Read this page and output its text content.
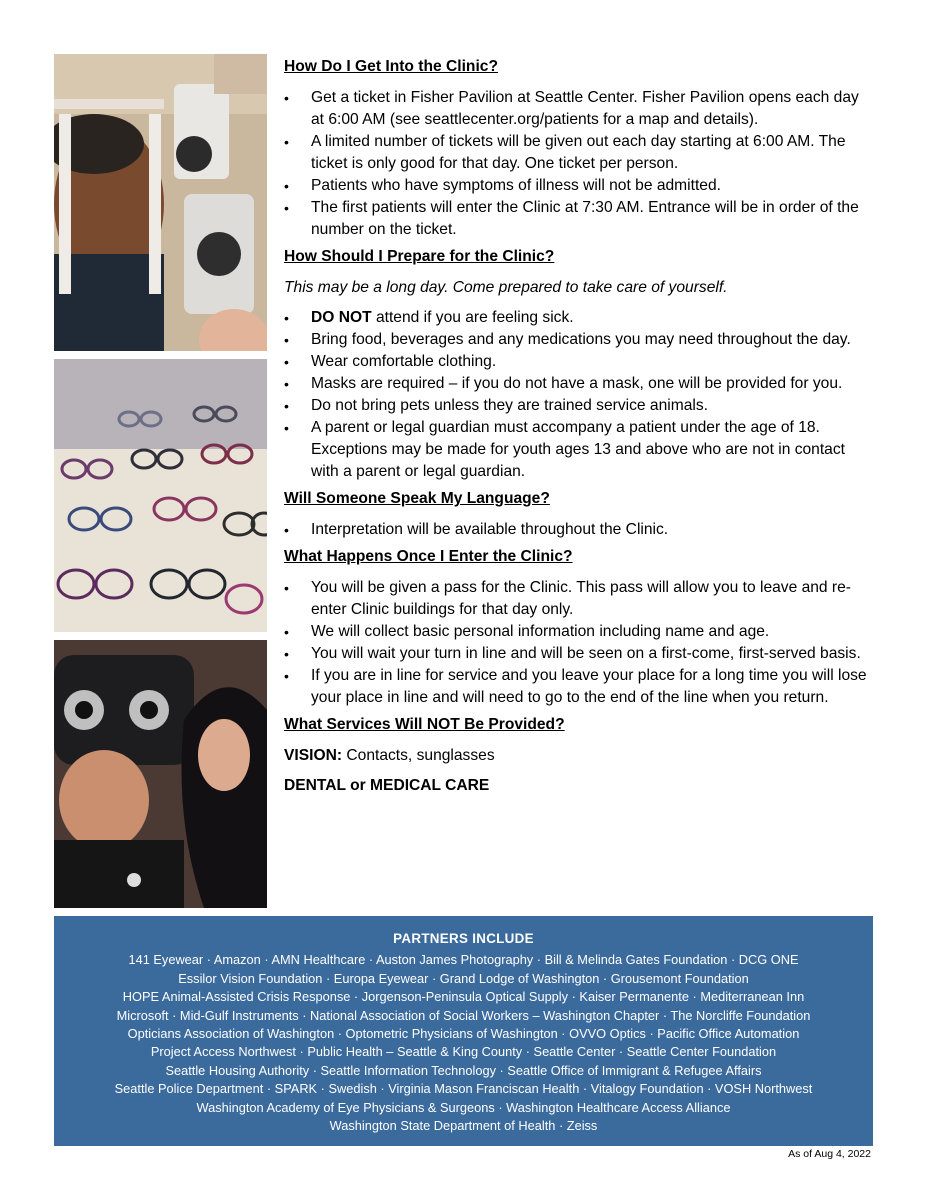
How Do I Get Into the Clinic?
• Get a ticket in Fisher Pavilion at Seattle Center. Fisher Pavilion opens each day at 6:00 AM (see seattlecenter.org/patients for a map and details).
• A limited number of tickets will be given out each day starting at 6:00 AM. The ticket is only good for that day. One ticket per person.
• Patients who have symptoms of illness will not be admitted.
• The first patients will enter the Clinic at 7:30 AM. Entrance will be in order of the number on the ticket.
How Should I Prepare for the Clinic?

This may be a long day. Come prepared to take care of yourself.

• DO NOT attend if you are feeling sick.
• Bring food, beverages and any medications you may need throughout the day.
• Wear comfortable clothing.
• Masks are required – if you do not have a mask, one will be provided for you.
• Do not bring pets unless they are trained service animals.
• A parent or legal guardian must accompany a patient under the age of 18. Exceptions may be made for youth ages 13 and above who are not in contact with a parent or legal guardian.
Will Someone Speak My Language?
• Interpretation will be available throughout the Clinic.
What Happens Once I Enter the Clinic?
• You will be given a pass for the Clinic. This pass will allow you to leave and re-enter Clinic buildings for that day only.
• We will collect basic personal information including name and age.
• You will wait your turn in line and will be seen on a first-come, first-served basis.
• If you are in line for service and you leave your place for a long time you will lose your place in line and will need to go to the end of the line when you return.
What Services Will NOT Be Provided?

VISION: Contacts, sunglasses

DENTAL or MEDICAL CARE

PARTNERS INCLUDE
141 Eyewear · Amazon · AMN Healthcare · Auston James Photography · Bill & Melinda Gates Foundation · DCG ONE
Essilor Vision Foundation · Europa Eyewear · Grand Lodge of Washington · Grousemont Foundation
HOPE Animal-Assisted Crisis Response · Jorgenson-Peninsula Optical Supply · Kaiser Permanente · Mediterranean Inn
Microsoft · Mid-Gulf Instruments · National Association of Social Workers – Washington Chapter · The Norcliffe Foundation
Opticians Association of Washington · Optometric Physicians of Washington · OVVO Optics · Pacific Office Automation
Project Access Northwest · Public Health – Seattle & King County · Seattle Center · Seattle Center Foundation
Seattle Housing Authority · Seattle Information Technology · Seattle Office of Immigrant & Refugee Affairs
Seattle Police Department · SPARK · Swedish · Virginia Mason Franciscan Health · Vitalogy Foundation · VOSH Northwest
Washington Academy of Eye Physicians & Surgeons · Washington Healthcare Access Alliance
Washington State Department of Health · Zeiss
As of Aug 4, 2022
